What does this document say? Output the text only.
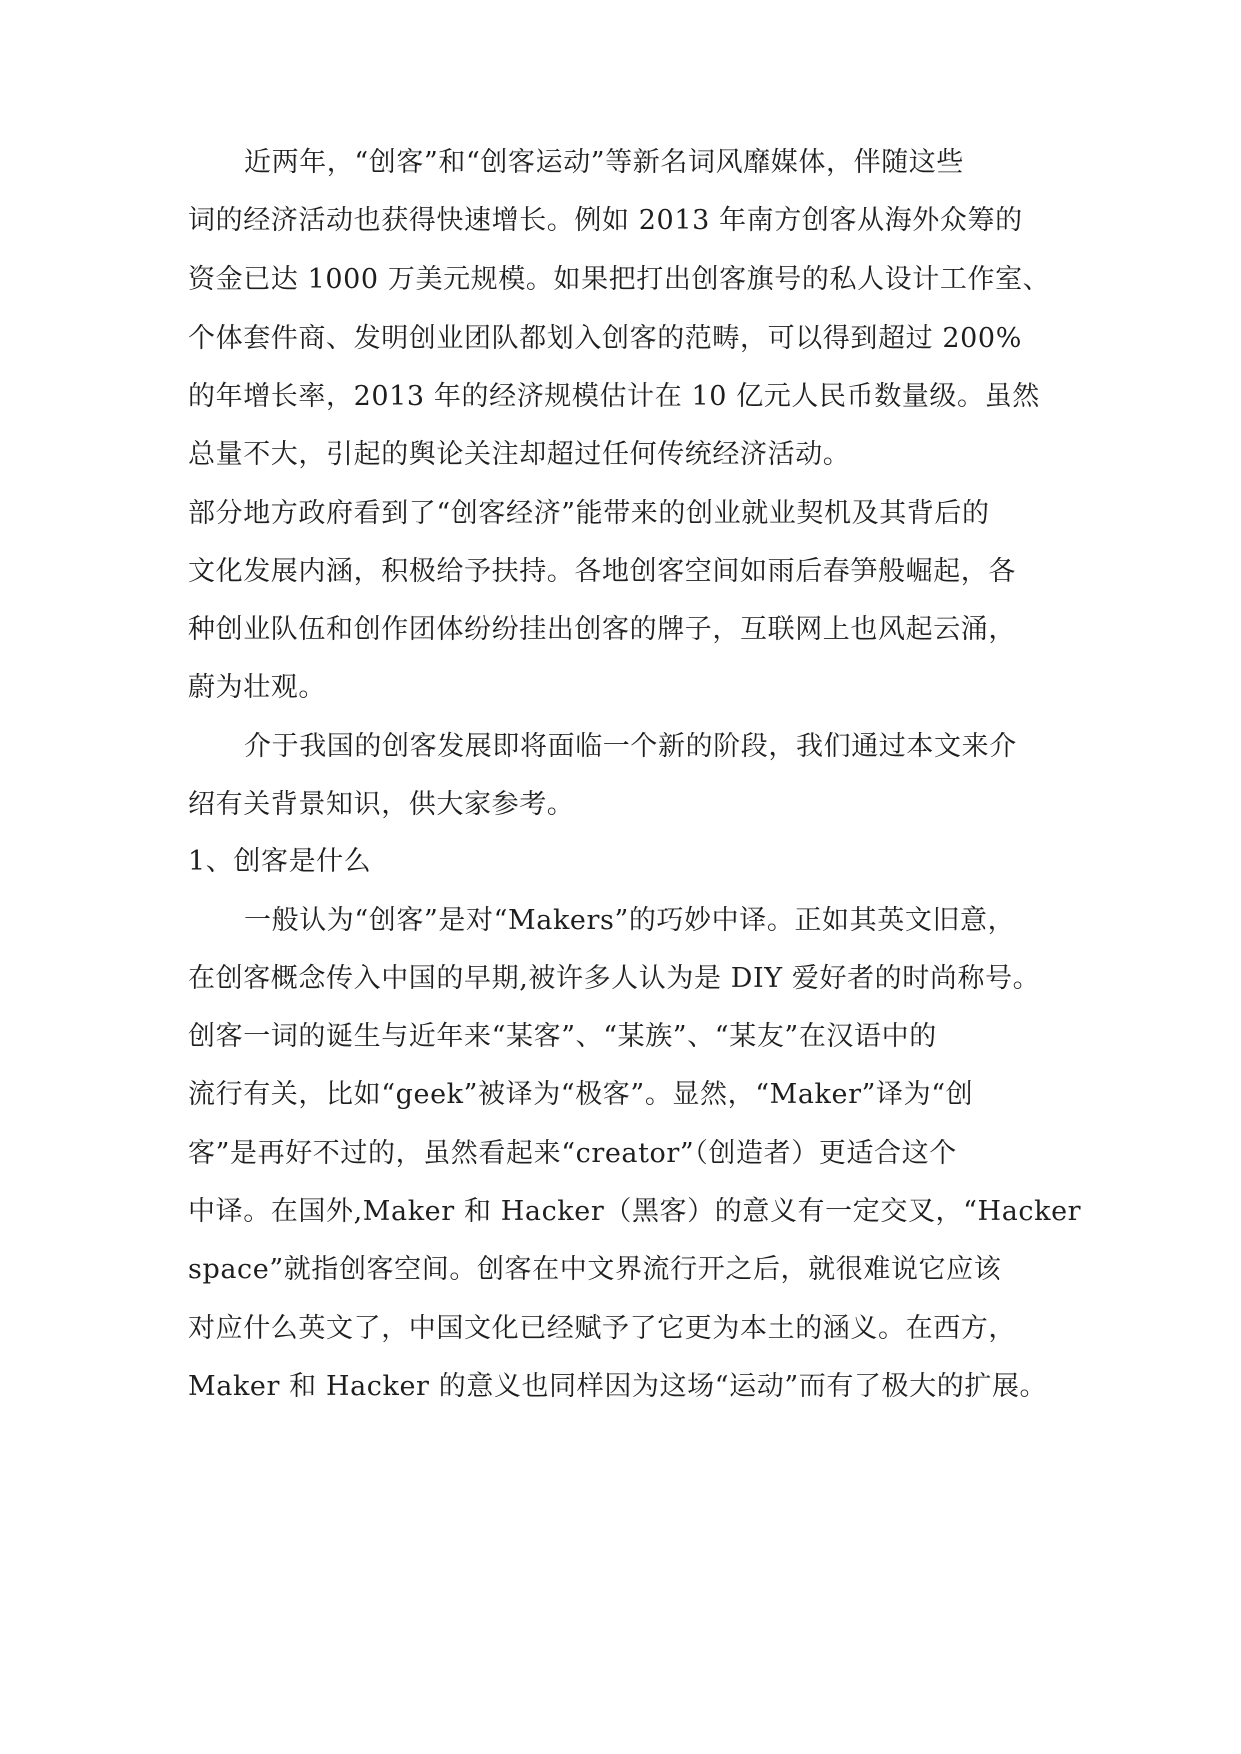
近两年，“创客”和“创客运动”等新名词风靡媒体，伴随这些
词的经济活动也获得快速增长。例如 2013 年南方创客从海外众筹的
资金已达 1000 万美元规模。如果把打出创客旗号的私人设计工作室、
个体套件商、发明创业团队都划入创客的范畴，可以得到超过 200%
的年增长率，2013 年的经济规模估计在 10 亿元人民币数量级。虽然
总量不大，引起的舆论关注却超过任何传统经济活动。
部分地方政府看到了“创客经济”能带来的创业就业契机及其背后的
文化发展内涵，积极给予扶持。各地创客空间如雨后春笋般崛起，各
种创业队伍和创作团体纷纷挂出创客的牌子，互联网上也风起云涌，
蔚为壮观。
介于我国的创客发展即将面临一个新的阶段，我们通过本文来介
绍有关背景知识，供大家参考。
1、创客是什么
一般认为“创客”是对“Makers”的巧妙中译。正如其英文旧意，
在创客概念传入中国的早期,被许多人认为是 DIY 爱好者的时尚称号。
创客一词的诞生与近年来“某客”、“某族”、“某友”在汉语中的
流行有关，比如“geek”被译为“极客”。显然，“Maker”译为“创
客”是再好不过的，虽然看起来“creator”（创造者）更适合这个
中译。在国外,Maker 和 Hacker（黑客）的意义有一定交叉，“Hacker
space”就指创客空间。创客在中文界流行开之后，就很难说它应该
对应什么英文了，中国文化已经赋予了它更为本土的涵义。在西方，
Maker 和 Hacker 的意义也同样因为这场“运动”而有了极大的扩展。
